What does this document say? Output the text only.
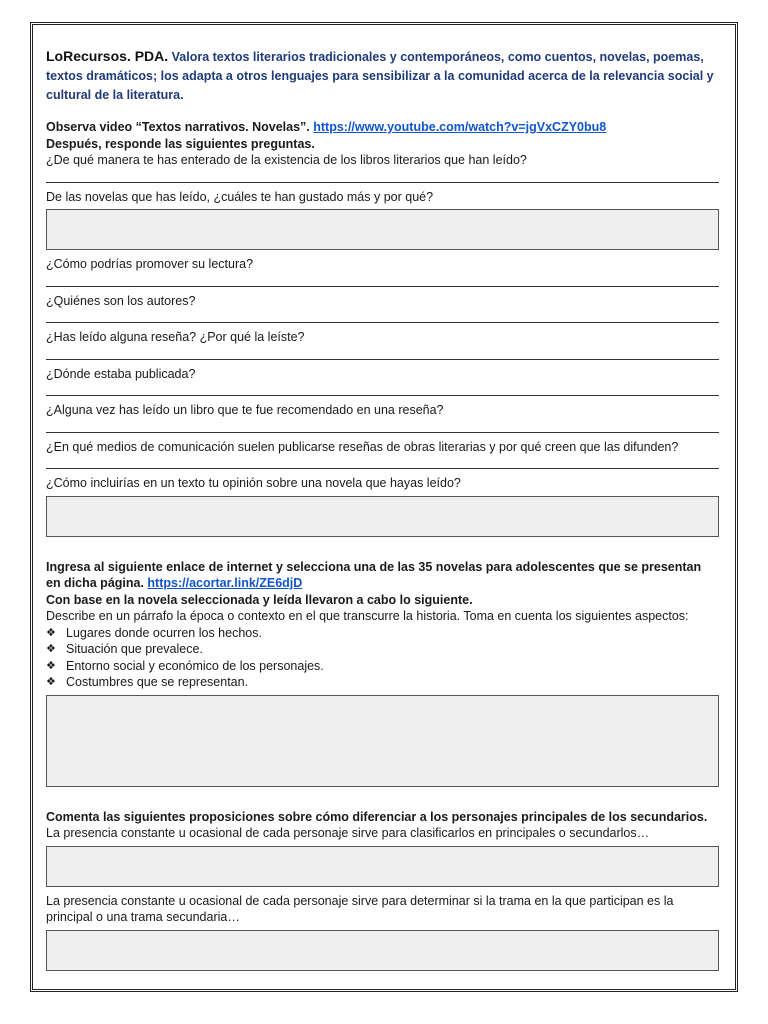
LoRecursos. PDA. Valora textos literarios tradicionales y contemporáneos, como cuentos, novelas, poemas, textos dramáticos; los adapta a otros lenguajes para sensibilizar a la comunidad acerca de la relevancia social y cultural de la literatura.
Observa video “Textos narrativos. Novelas”. https://www.youtube.com/watch?v=jgVxCZY0bu8
Después, responde las siguientes preguntas.
¿De qué manera te has enterado de la existencia de los libros literarios que han leído?
De las novelas que has leído, ¿cuáles te han gustado más y por qué?
¿Cómo podrías promover su lectura?
¿Quiénes son los autores?
¿Has leído alguna reseña? ¿Por qué la leíste?
¿Dónde estaba publicada?
¿Alguna vez has leído un libro que te fue recomendado en una reseña?
¿En qué medios de comunicación suelen publicarse reseñas de obras literarias y por qué creen que las difunden?
¿Cómo incluirías en un texto tu opinión sobre una novela que hayas leído?
Ingresa al siguiente enlace de internet y selecciona una de las 35 novelas para adolescentes que se presentan en dicha página. https://acortar.link/ZE6djD
Con base en la novela seleccionada y leída llevaron a cabo lo siguiente.
Describe en un párrafo la época o contexto en el que transcurre la historia. Toma en cuenta los siguientes aspectos:
❖ Lugares donde ocurren los hechos.
❖ Situación que prevalece.
❖ Entorno social y económico de los personajes.
❖ Costumbres que se representan.
Comenta las siguientes proposiciones sobre cómo diferenciar a los personajes principales de los secundarios.
La presencia constante u ocasional de cada personaje sirve para clasificarlos en principales o secundarlos…
La presencia constante u ocasional de cada personaje sirve para determinar si la trama en la que participan es la principal o una trama secundaria…
